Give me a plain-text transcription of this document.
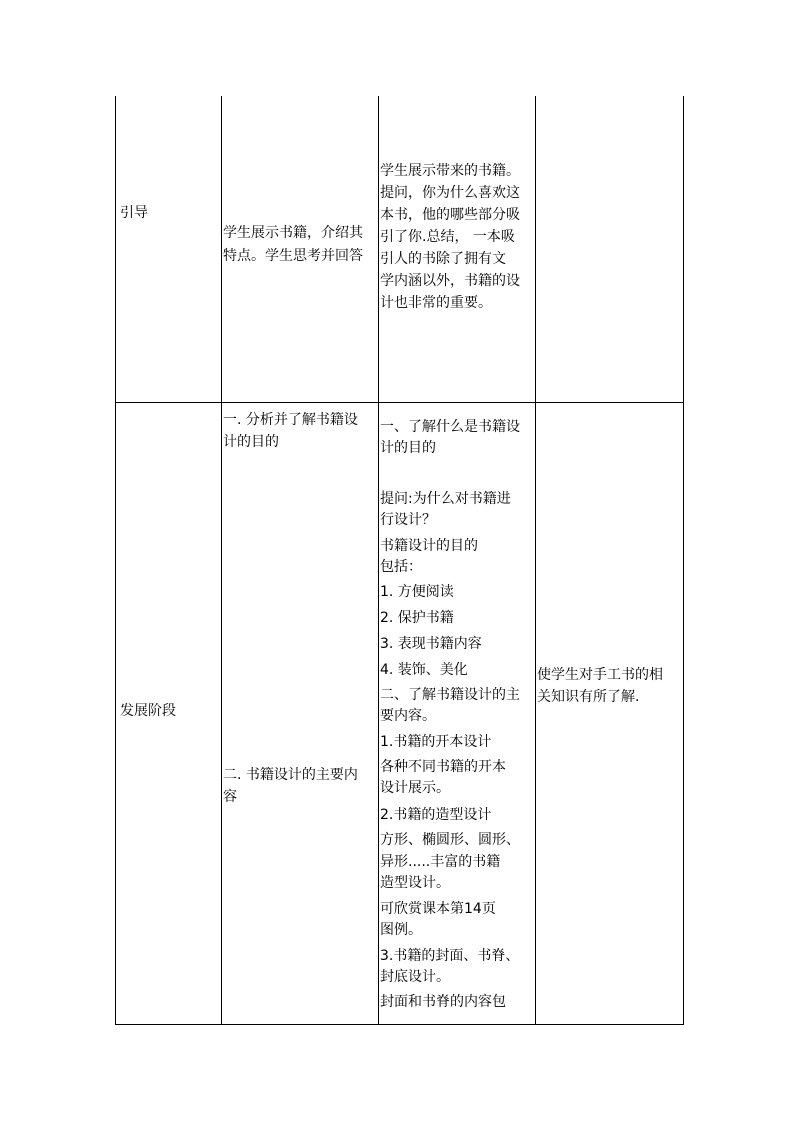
引导
学生展示书籍，介绍其
特点。学生思考并回答
学生展示带来的书籍。
提问，你为什么喜欢这
本书，他的哪些部分吸
引了你.总结， 一本吸
引人的书除了拥有文
学内涵以外，书籍的设
计也非常的重要。
发展阶段
一. 分析并了解书籍设
计的目的
二. 书籍设计的主要内
容
一、了解什么是书籍设
计的目的
提问:为什么对书籍进
行设计？
书籍设计的目的
包括：
1. 方便阅读
2. 保护书籍
3. 表现书籍内容
4. 装饰、美化
二、了解书籍设计的主
要内容。
1.书籍的开本设计
各种不同书籍的开本
设计展示。
2.书籍的造型设计
方形、椭圆形、圆形、
异形.....丰富的书籍
造型设计。
可欣赏课本第14页
图例。
3.书籍的封面、书脊、
封底设计。
封面和书脊的内容包
使学生对手工书的相
关知识有所了解.
